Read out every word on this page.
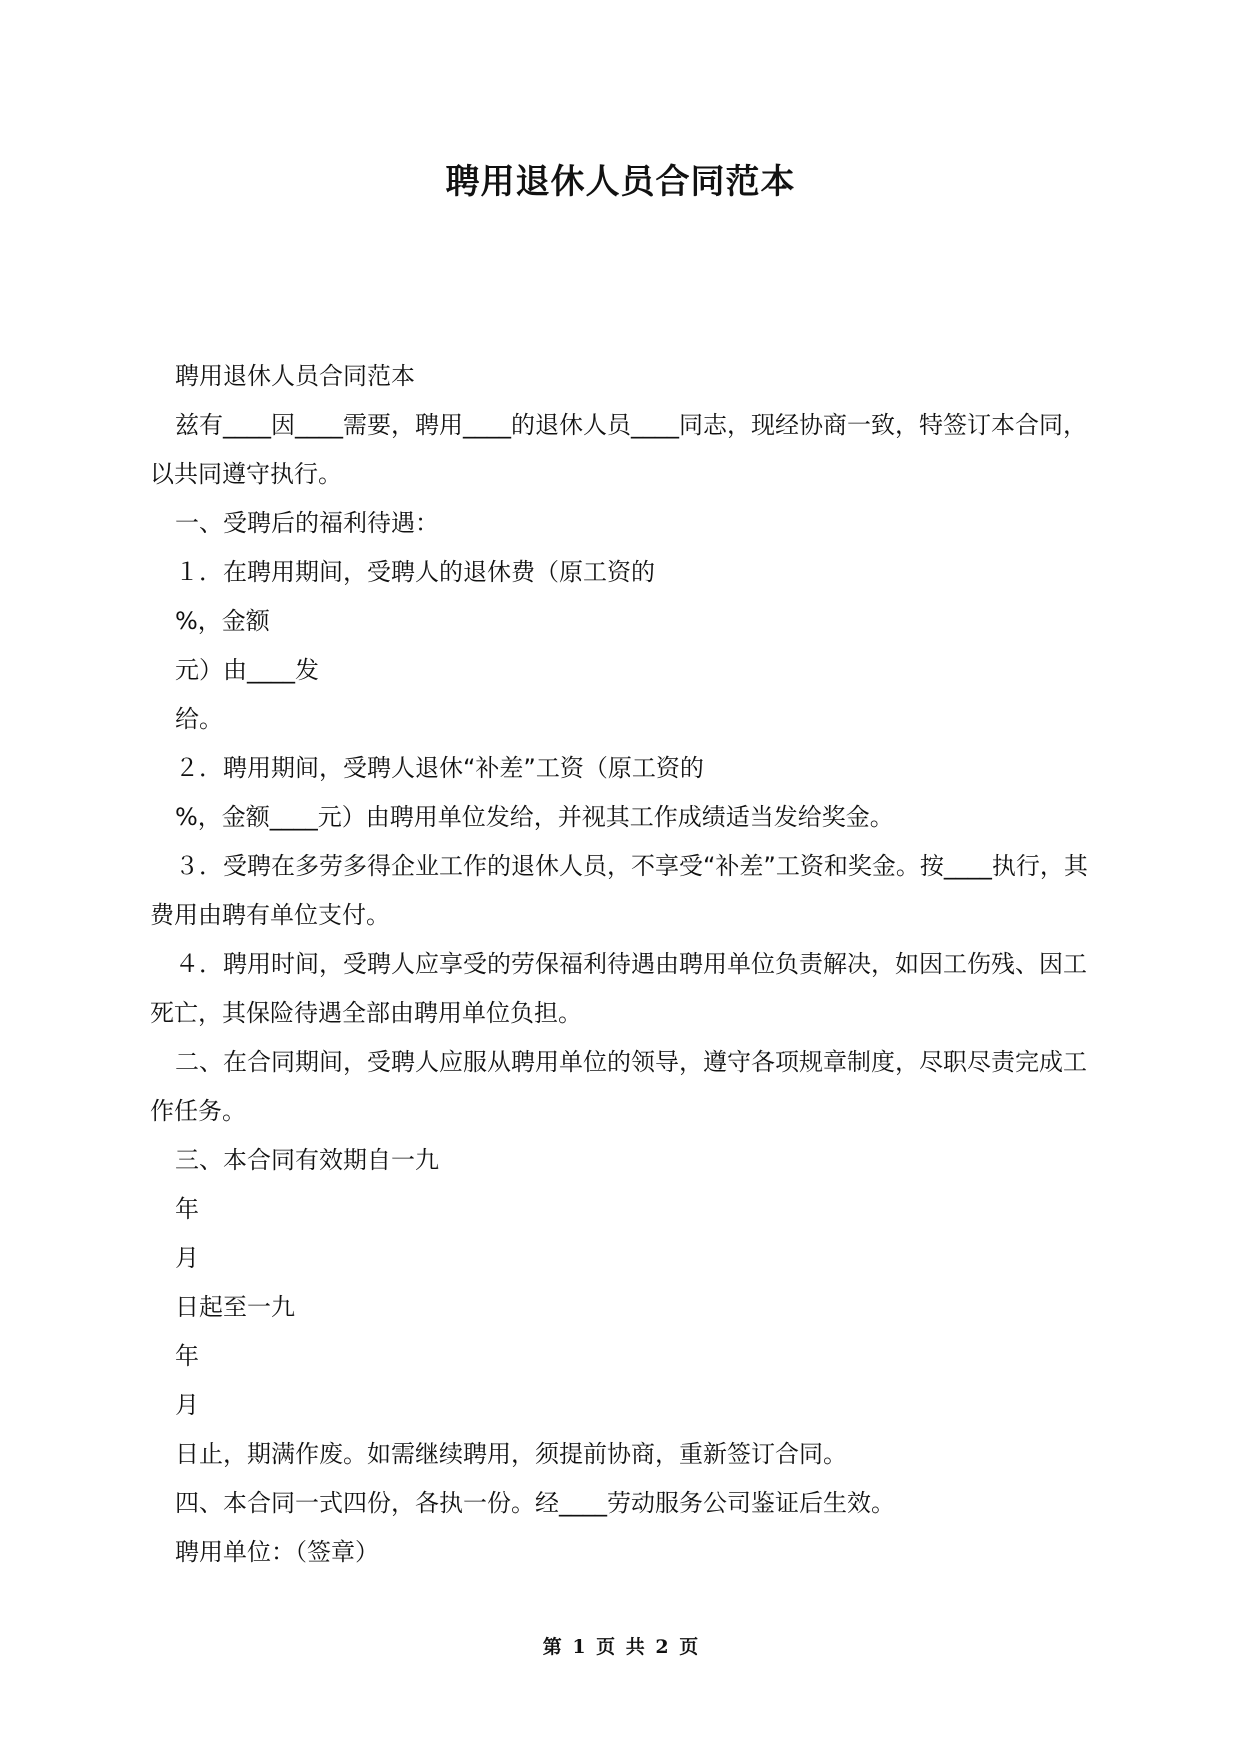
聘用退休人员合同范本

聘用退休人员合同范本

兹有____因____需要，聘用____的退休人员____同志，现经协商一致，特签订本合同，以共同遵守执行。

一、受聘后的福利待遇：

１．在聘用期间，受聘人的退休费（原工资的

%，金额

元）由____发

给。

２．聘用期间，受聘人退休“补差”工资（原工资的

%，金额____元）由聘用单位发给，并视其工作成绩适当发给奖金。

３．受聘在多劳多得企业工作的退休人员，不享受“补差”工资和奖金。按____执行，其费用由聘有单位支付。

４．聘用时间，受聘人应享受的劳保福利待遇由聘用单位负责解决，如因工伤残、因工死亡，其保险待遇全部由聘用单位负担。

二、在合同期间，受聘人应服从聘用单位的领导，遵守各项规章制度，尽职尽责完成工作任务。

三、本合同有效期自一九

年

月

日起至一九

年

月

日止，期满作废。如需继续聘用，须提前协商，重新签订合同。

四、本合同一式四份，各执一份。经____劳动服务公司鉴证后生效。

聘用单位：（签章）

第 1 页 共 2 页
